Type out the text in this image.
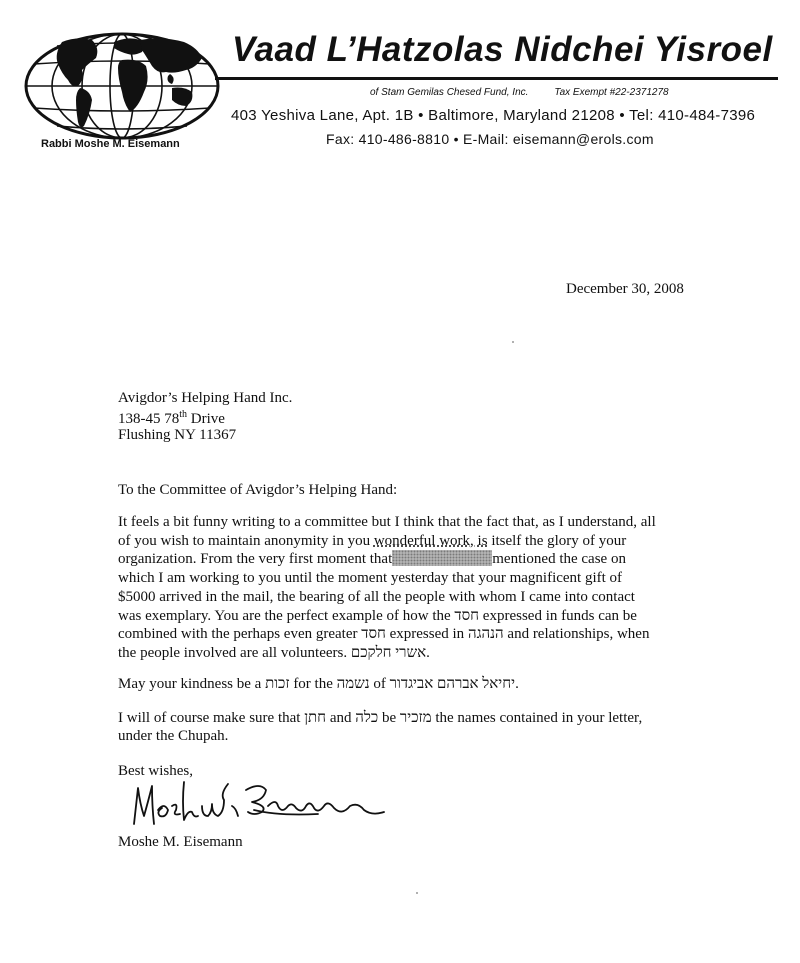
Vaad L’Hatzolas Nidchei Yisroel
of Stam Gemilas Chesed Fund, Inc.	Tax Exempt #22-2371278
403 Yeshiva Lane, Apt. 1B • Baltimore, Maryland 21208 • Tel: 410-484-7396
Fax: 410-486-8810 • E-Mail: eisemann@erols.com
Rabbi Moshe M. Eisemann
December 30, 2008
Avigdor’s Helping Hand Inc.
138-45 78th Drive
Flushing NY 11367
To the Committee of Avigdor’s Helping Hand:
It feels a bit funny writing to a committee but I think that the fact that, as I understand, all
of you wish to maintain anonymity in you wonderful work, is itself the glory of your
organization. From the very first moment that	mentioned the case on
which I am working to you until the moment yesterday that your magnificent gift of
$5000 arrived in the mail, the bearing of all the people with whom I came into contact
was exemplary. You are the perfect example of how the חסד expressed in funds can be
combined with the perhaps even greater חסד expressed in הנהגה and relationships, when
the people involved are all volunteers. אשרי חלקכם.
May your kindness be a זכות for the נשמה of יחיאל אברהם אביגדור.
I will of course make sure that חתן and כלה be מזכיר the names contained in your letter,
under the Chupah.
Best wishes,
Moshe M. Eisemann
